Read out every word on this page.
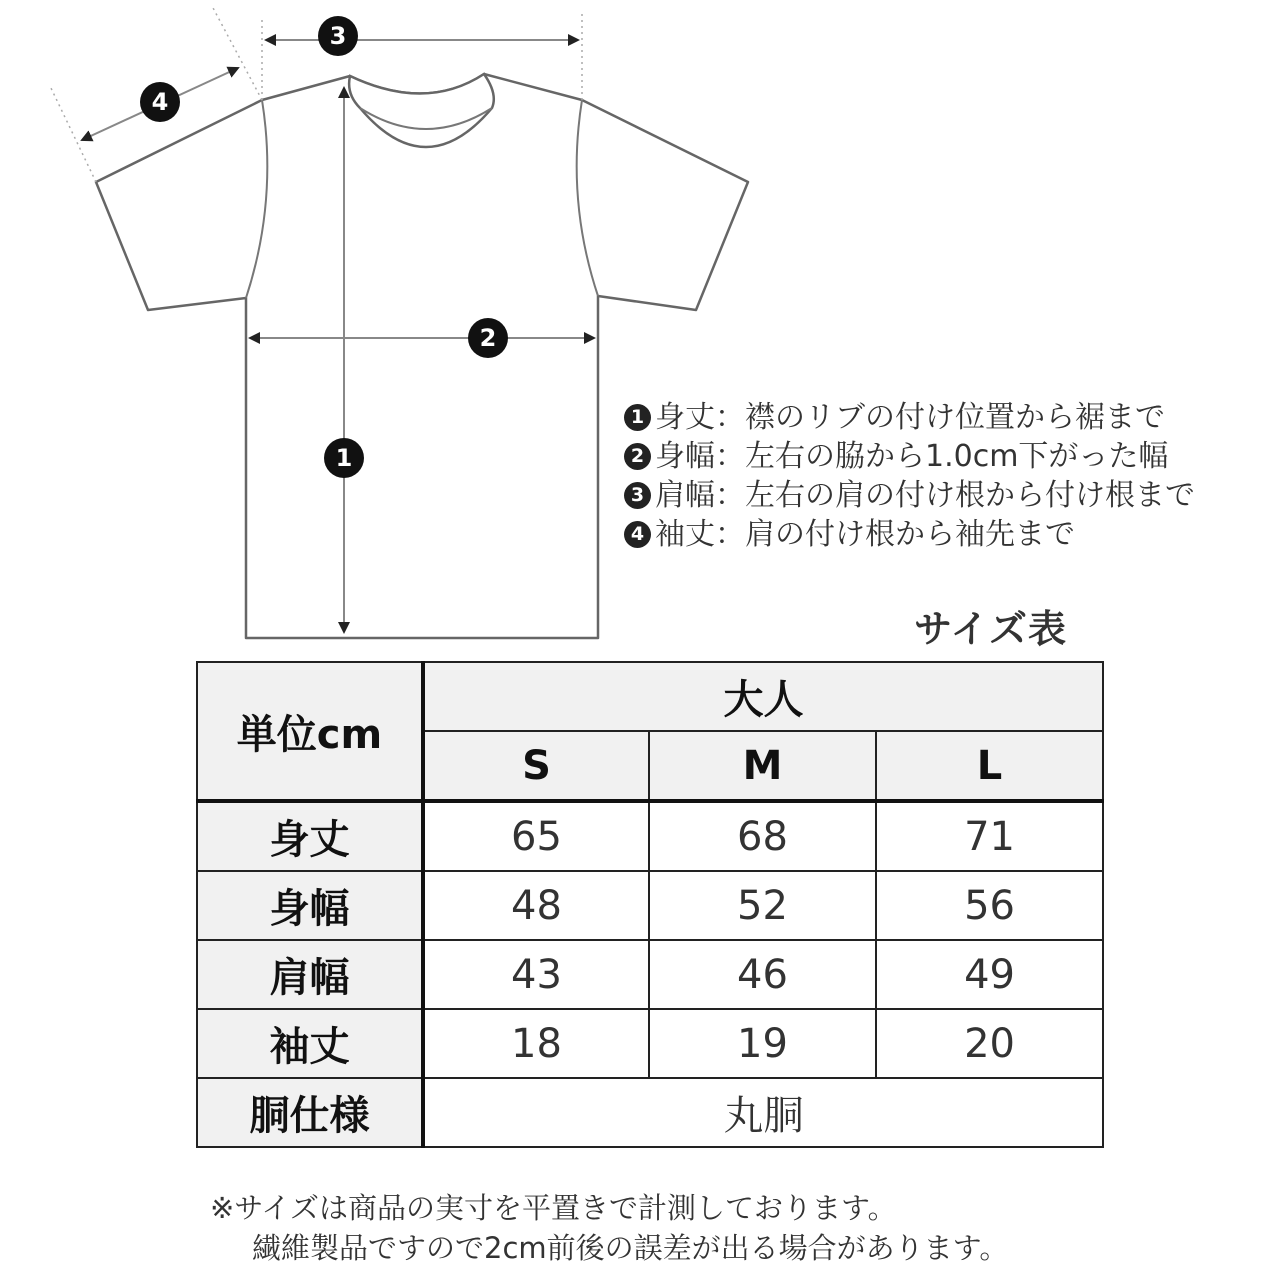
1
2
3
4
1 身丈 ：襟のリブの付け位置から裾まで
2 身幅 ：左右の脇から1.0cm下がった幅
3 肩幅 ：左右の肩の付け根から付け根まで
4 袖丈 ：肩の付け根から袖先まで
サイズ表
単位cm	大人		
	S	M	L
身丈	65	68	71
身幅	48	52	56
肩幅	43	46	49
袖丈	18	19	20
胴仕様	丸胴		
※サイズは商品の実寸を平置きで計測しております。
繊維製品ですので2cm前後の誤差が出る場合があります。
